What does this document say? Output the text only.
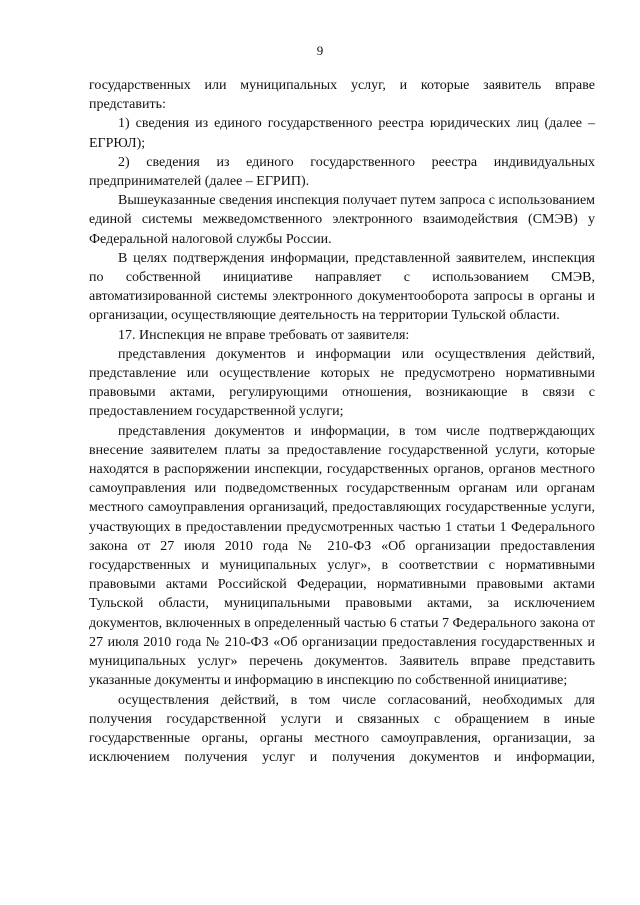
9

государственных или муниципальных услуг, и которые заявитель вправе представить:

1) сведения из единого государственного реестра юридических лиц (далее – ЕГРЮЛ);

2) сведения из единого государственного реестра индивидуальных предпринимателей (далее – ЕГРИП).

Вышеуказанные сведения инспекция получает путем запроса с использованием единой системы межведомственного электронного взаимодействия (СМЭВ) у Федеральной налоговой службы России.

В целях подтверждения информации, представленной заявителем, инспекция по собственной инициативе направляет с использованием СМЭВ, автоматизированной системы электронного документооборота запросы в органы и организации, осуществляющие деятельность на территории Тульской области.

17. Инспекция не вправе требовать от заявителя:

представления документов и информации или осуществления действий, представление или осуществление которых не предусмотрено нормативными правовыми актами, регулирующими отношения, возникающие в связи с предоставлением государственной услуги;

представления документов и информации, в том числе подтверждающих внесение заявителем платы за предоставление государственной услуги, которые находятся в распоряжении инспекции, государственных органов, органов местного самоуправления или подведомственных государственным органам или органам местного самоуправления организаций, предоставляющих государственные услуги, участвующих в предоставлении предусмотренных частью 1 статьи 1 Федерального закона от 27 июля 2010 года № 210-ФЗ «Об организации предоставления государственных и муниципальных услуг», в соответствии с нормативными правовыми актами Российской Федерации, нормативными правовыми актами Тульской области, муниципальными правовыми актами, за исключением документов, включенных в определенный частью 6 статьи 7 Федерального закона от 27 июля 2010 года № 210-ФЗ «Об организации предоставления государственных и муниципальных услуг» перечень документов. Заявитель вправе представить указанные документы и информацию в инспекцию по собственной инициативе;

осуществления действий, в том числе согласований, необходимых для получения государственной услуги и связанных с обращением в иные государственные органы, органы местного самоуправления, организации, за исключением получения услуг и получения документов и информации,
